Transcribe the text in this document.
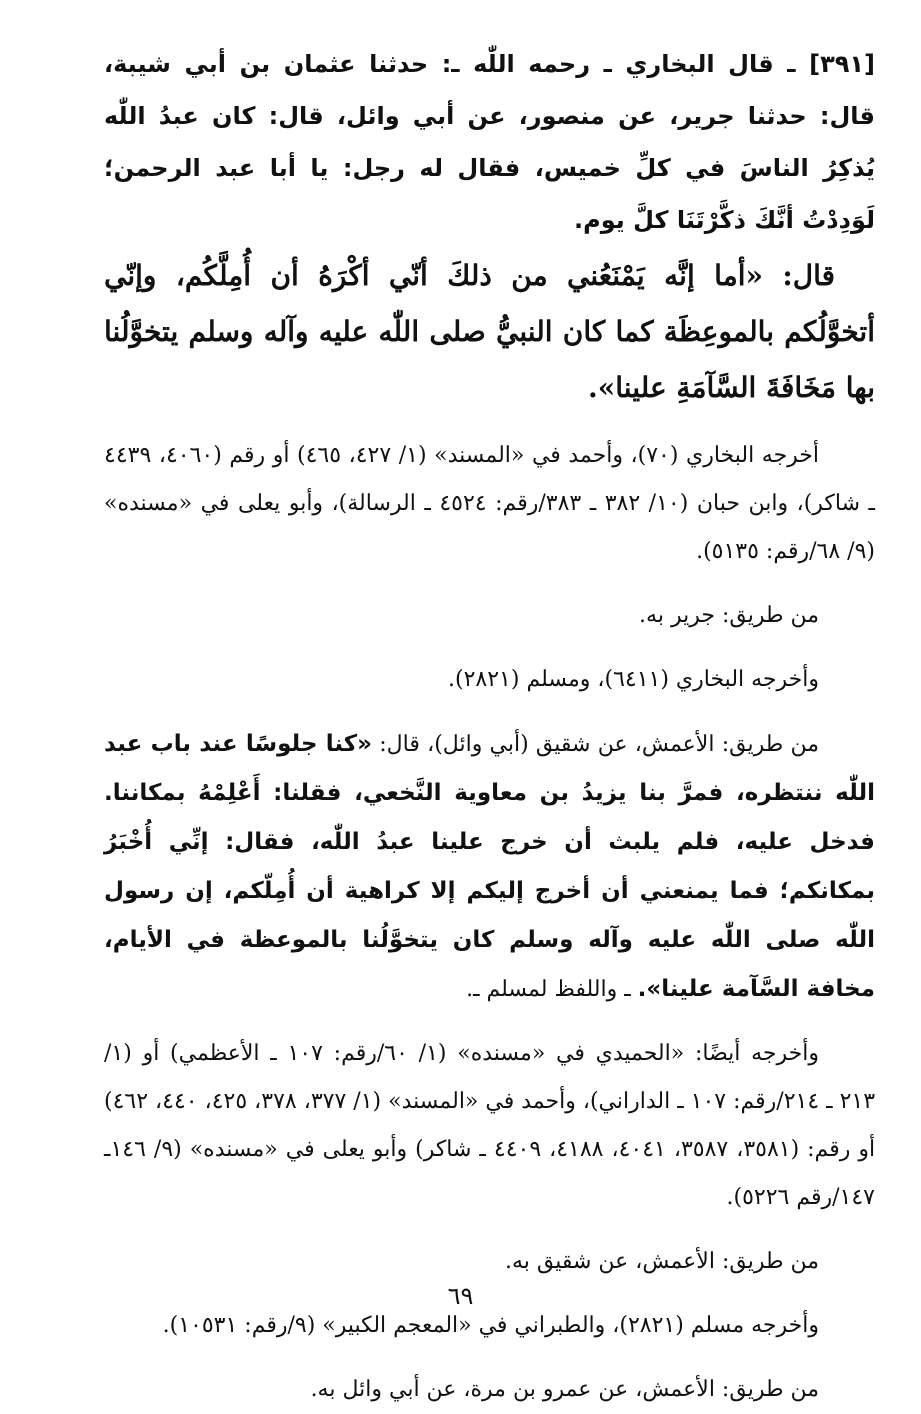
[٣٩١] ـ قال البخاري ـ رحمه اللّٰه ـ: حدثنا عثمان بن أبي شيبة، قال: حدثنا جرير، عن منصور، عن أبي وائل، قال: كان عبدُ اللّٰه يُذكِرُ الناسَ في كلِّ خميس، فقال له رجل: يا أبا عبد الرحمن؛ لَوَدِدْتُ أنَّكَ ذكَّرْتَنَا كلَّ يوم.

قال: «أما إنَّه يَمْنَعُني من ذلكَ أنّي أكْرَهُ أن أُمِلَّكُم، وإنّي أتخوَّلُكم بالموعِظَة كما كان النبيُّ صلى اللّٰه عليه وآله وسلم يتخوَّلُنا بها مَخَافَةَ السَّآمَةِ علينا».

أخرجه البخاري (٧٠)، وأحمد في «المسند» (١/ ٤٢٧، ٤٦٥) أو رقم (٤٠٦٠، ٤٤٣٩ ـ شاكر)، وابن حبان (١٠/ ٣٨٢ ـ ٣٨٣/رقم: ٤٥٢٤ ـ الرسالة)، وأبو يعلى في «مسنده» (٩/ ٦٨/رقم: ٥١٣٥).

من طريق: جرير به.

وأخرجه البخاري (٦٤١١)، ومسلم (٢٨٢١).

من طريق: الأعمش، عن شقيق (أبي وائل)، قال: «كنا جلوسًا عند باب عبد اللّٰه ننتظره، فمرَّ بنا يزيدُ بن معاوية النَّخعي، فقلنا: أَعْلِمْهُ بمكاننا. فدخل عليه، فلم يلبث أن خرج علينا عبدُ اللّٰه، فقال: إنِّي أُخْبَرُ بمكانكم؛ فما يمنعني أن أخرج إليكم إلا كراهية أن أُمِلّكم، إن رسول اللّٰه صلى اللّٰه عليه وآله وسلم كان يتخوَّلُنا بالموعظة في الأيام، مخافة السَّآمة علينا». ـ واللفظ لمسلم ـ.

وأخرجه أيضًا: «الحميدي في «مسنده» (١/ ٦٠/رقم: ١٠٧ ـ الأعظمي) أو (١/ ٢١٣ ـ ٢١٤/رقم: ١٠٧ ـ الداراني)، وأحمد في «المسند» (١/ ٣٧٧، ٣٧٨، ٤٢٥، ٤٤٠، ٤٦٢) أو رقم: (٣٥٨١، ٣٥٨٧، ٤٠٤١، ٤١٨٨، ٤٤٠٩ ـ شاكر) وأبو يعلى في «مسنده» (٩/ ١٤٦ـ ١٤٧/رقم ٥٢٢٦).

من طريق: الأعمش، عن شقيق به.

وأخرجه مسلم (٢٨٢١)، والطبراني في «المعجم الكبير» (٩/رقم: ١٠٥٣١).

من طريق: الأعمش، عن عمرو بن مرة، عن أبي وائل به.

٦٩
